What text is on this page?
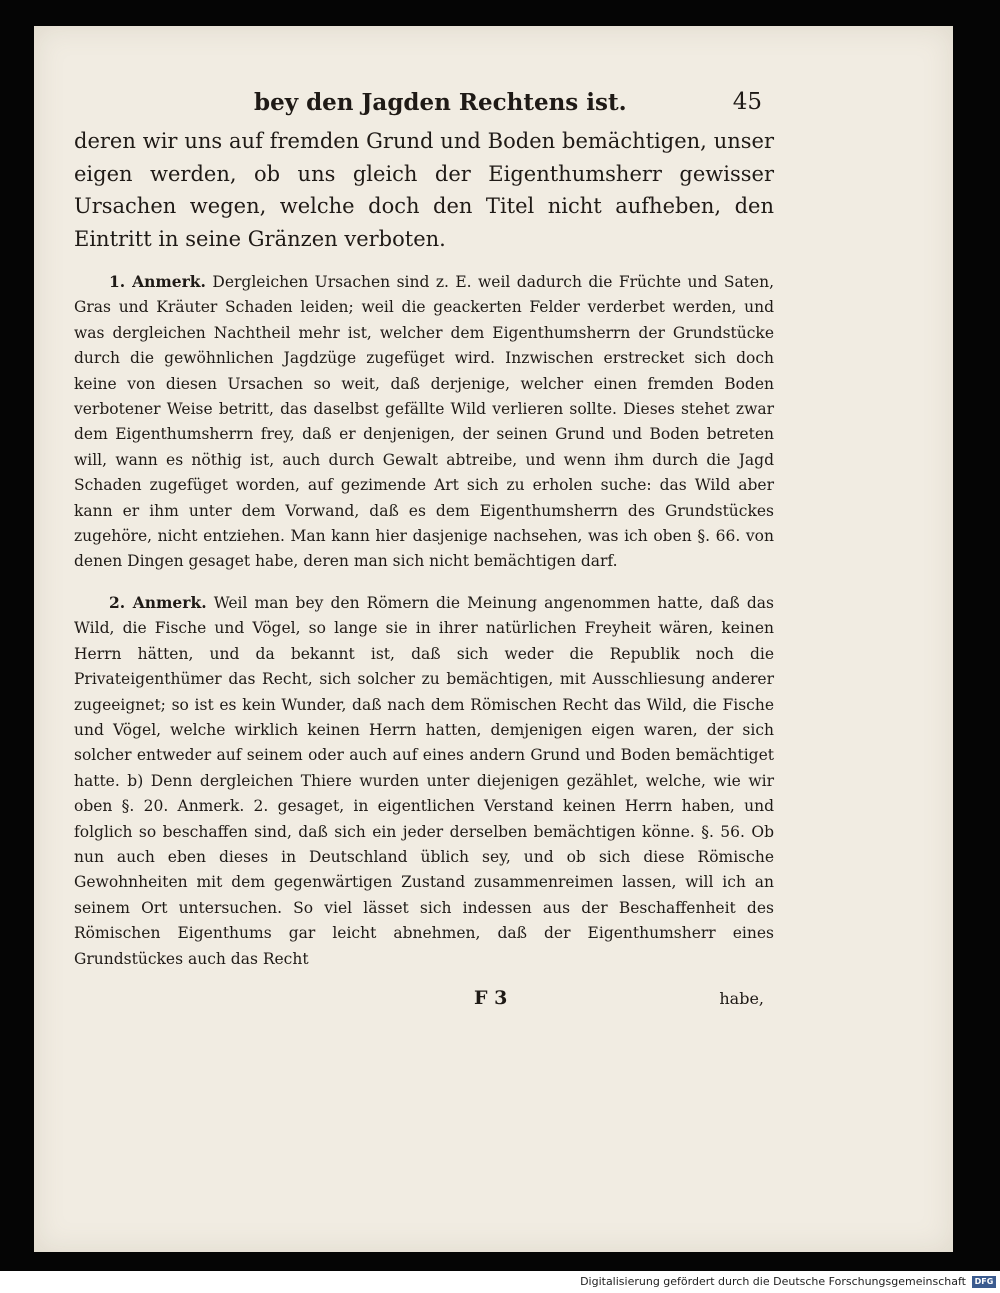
bey den Jagden Rechtens ist.	45

deren wir uns auf fremden Grund und Boden bemächtigen, unser eigen werden, ob uns gleich der Eigenthumsherr gewisser Ursachen wegen, welche doch den Titel nicht aufheben, den Eintritt in seine Gränzen verboten.

1. Anmerk. Dergleichen Ursachen sind z. E. weil dadurch die Früchte und Saten, Gras und Kräuter Schaden leiden; weil die geackerten Felder verderbet werden, und was dergleichen Nachtheil mehr ist, welcher dem Eigenthumsherrn der Grundstücke durch die gewöhnlichen Jagdzüge zugefüget wird. Inzwischen erstrecket sich doch keine von diesen Ursachen so weit, daß derjenige, welcher einen fremden Boden verbotener Weise betritt, das daselbst gefällte Wild verlieren sollte. Dieses stehet zwar dem Eigenthumsherrn frey, daß er denjenigen, der seinen Grund und Boden betreten will, wann es nöthig ist, auch durch Gewalt abtreibe, und wenn ihm durch die Jagd Schaden zugefüget worden, auf gezimende Art sich zu erholen suche: das Wild aber kann er ihm unter dem Vorwand, daß es dem Eigenthumsherrn des Grundstückes zugehöre, nicht entziehen. Man kann hier dasjenige nachsehen, was ich oben §. 66. von denen Dingen gesaget habe, deren man sich nicht bemächtigen darf.

2. Anmerk. Weil man bey den Römern die Meinung angenommen hatte, daß das Wild, die Fische und Vögel, so lange sie in ihrer natürlichen Freyheit wären, keinen Herrn hätten, und da bekannt ist, daß sich weder die Republik noch die Privateigenthümer das Recht, sich solcher zu bemächtigen, mit Ausschliesung anderer zugeeignet; so ist es kein Wunder, daß nach dem Römischen Recht das Wild, die Fische und Vögel, welche wirklich keinen Herrn hatten, demjenigen eigen waren, der sich solcher entweder auf seinem oder auch auf eines andern Grund und Boden bemächtiget hatte. b) Denn dergleichen Thiere wurden unter diejenigen gezählet, welche, wie wir oben §. 20. Anmerk. 2. gesaget, in eigentlichen Verstand keinen Herrn haben, und folglich so beschaffen sind, daß sich ein jeder derselben bemächtigen könne. §. 56. Ob nun auch eben dieses in Deutschland üblich sey, und ob sich diese Römische Gewohnheiten mit dem gegenwärtigen Zustand zusammenreimen lassen, will ich an seinem Ort untersuchen. So viel lässet sich indessen aus der Beschaffenheit des Römischen Eigenthums gar leicht abnehmen, daß der Eigenthumsherr eines Grundstückes auch das Recht

F 3	habe,
Digitalisierung gefördert durch die Deutsche Forschungsgemeinschaft	DFG
